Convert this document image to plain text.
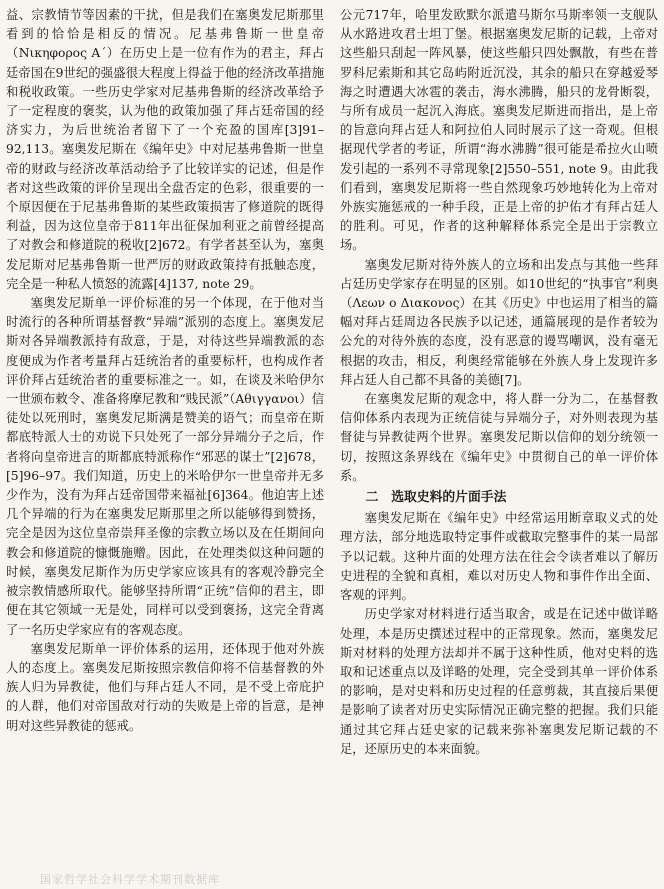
益、宗教情节等因素的干扰，但是我们在塞奥发尼斯那里看到的恰恰是相反的情况。尼基弗鲁斯一世皇帝（Νικηφορος Α΄）在历史上是一位有作为的君主，拜占廷帝国在9世纪的强盛很大程度上得益于他的经济改革措施和税收政策。一些历史学家对尼基弗鲁斯的经济改革给予了一定程度的褒奖，认为他的政策加强了拜占廷帝国的经济实力，为后世统治者留下了一个充盈的国库[3]91–92,113。塞奥发尼斯在《编年史》中对尼基弗鲁斯一世皇帝的财政与经济改革活动给予了比较详实的记述，但是作者对这些政策的评价呈现出全盘否定的色彩，很重要的一个原因便在于尼基弗鲁斯的某些政策损害了修道院的既得利益，因为这位皇帝于811年出征保加利亚之前曾经提高了对教会和修道院的税收[2]672。有学者甚至认为，塞奥发尼斯对尼基弗鲁斯一世严厉的财政政策持有抵触态度，完全是一种私人愤怒的流露[4]137, note 29。

塞奥发尼斯单一评价标准的另一个体现，在于他对当时流行的各种所谓基督教“异端”派别的态度上。塞奥发尼斯对各异端教派持有敌意，于是，对待这些异端教派的态度便成为作者考量拜占廷统治者的重要标杆，也构成作者评价拜占廷统治者的重要标准之一。如，在谈及米哈伊尔一世颁布敕令、准备将摩尼教和“贱民派”（Αθιγγανοι）信徒处以死刑时，塞奥发尼斯满是赞美的语气；而皇帝在斯都底特派人士的劝说下只处死了一部分异端分子之后，作者将向皇帝进言的斯都底特派称作“邪恶的谋士”[2]678，[5]96–97。我们知道，历史上的米哈伊尔一世皇帝并无多少作为，没有为拜占廷帝国带来福祉[6]364。他迫害上述几个异端的行为在塞奥发尼斯那里之所以能够得到赞扬，完全是因为这位皇帝崇拜圣像的宗教立场以及在任期间向教会和修道院的慷慨施赠。因此，在处理类似这种问题的时候，塞奥发尼斯作为历史学家应该具有的客观冷静完全被宗教情感所取代。能够坚持所谓“正统”信仰的君主，即便在其它领域一无是处，同样可以受到褒扬，这完全背离了一名历史学家应有的客观态度。

塞奥发尼斯单一评价体系的运用，还体现于他对外族人的态度上。塞奥发尼斯按照宗教信仰将不信基督教的外族人归为异教徒，他们与拜占廷人不同，是不受上帝庇护的人群，他们对帝国敌对行动的失败是上帝的旨意，是神明对这些异教徒的惩戒。

公元717年，哈里发欧默尔派遣马斯尔马斯率领一支舰队从水路进攻君士坦丁堡。根据塞奥发尼斯的记载，上帝对这些船只刮起一阵风暴，使这些船只四处飘散，有些在普罗科尼索斯和其它岛屿附近沉没，其余的船只在穿越爱琴海之时遭遇大冰雹的袭击，海水沸腾，船只的龙骨断裂，与所有成员一起沉入海底。塞奥发尼斯进而指出，是上帝的旨意向拜占廷人和阿拉伯人同时展示了这一奇观。但根据现代学者的考证，所谓“海水沸腾”很可能是希拉火山喷发引起的一系列不寻常现象[2]550–551, note 9。由此我们看到，塞奥发尼斯将一些自然现象巧妙地转化为上帝对外族实施惩戒的一种手段，正是上帝的护佑才有拜占廷人的胜利。可见，作者的这种解释体系完全是出于宗教立场。

塞奥发尼斯对待外族人的立场和出发点与其他一些拜占廷历史学家存在明显的区别。如10世纪的“执事官”利奥（Λεων ο Διακονος）在其《历史》中也运用了相当的篇幅对拜占廷周边各民族予以记述，通篇展现的是作者较为公允的对待外族的态度，没有恶意的谩骂嘲讽，没有毫无根据的攻击，相反，利奥经常能够在外族人身上发现许多拜占廷人自己都不具备的美德[7]。

在塞奥发尼斯的观念中，将人群一分为二，在基督教信仰体系内表现为正统信徒与异端分子，对外则表现为基督徒与异教徒两个世界。塞奥发尼斯以信仰的划分统领一切，按照这条界线在《编年史》中贯彻自己的单一评价体系。

二　选取史料的片面手法

塞奥发尼斯在《编年史》中经常运用断章取义式的处理方法，部分地选取特定事件或截取完整事件的某一局部予以记载。这种片面的处理方法在往会令读者难以了解历史进程的全貌和真相，难以对历史人物和事件作出全面、客观的评判。

历史学家对材料进行适当取舍，或是在记述中做详略处理，本是历史撰述过程中的正常现象。然而，塞奥发尼斯对材料的处理方法却并不属于这种性质，他对史料的选取和记述重点以及详略的处理，完全受到其单一评价体系的影响，是对史料和历史过程的任意剪裁，其直接后果便是影响了读者对历史实际情况正确完整的把握。我们只能通过其它拜占廷史家的记载来弥补塞奥发尼斯记载的不足，还原历史的本来面貌。

国家哲学社会科学学术期刊数据库
